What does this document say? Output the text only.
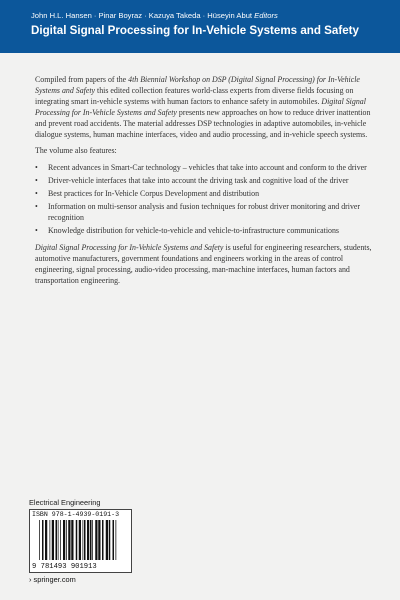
John H.L. Hansen · Pinar Boyraz · Kazuya Takeda · Hüseyin Abut Editors
Digital Signal Processing for In-Vehicle Systems and Safety

Compiled from papers of the 4th Biennial Workshop on DSP (Digital Signal Processing) for In-Vehicle Systems and Safety this edited collection features world-class experts from diverse fields focusing on integrating smart in-vehicle systems with human factors to enhance safety in automobiles. Digital Signal Processing for In-Vehicle Systems and Safety presents new approaches on how to reduce driver inattention and prevent road accidents. The material addresses DSP technologies in adaptive automobiles, in-vehicle dialogue systems, human machine interfaces, video and audio processing, and in-vehicle speech systems.

The volume also features:

• Recent advances in Smart-Car technology – vehicles that take into account and conform to the driver
• Driver-vehicle interfaces that take into account the driving task and cognitive load of the driver
• Best practices for In-Vehicle Corpus Development and distribution
• Information on multi-sensor analysis and fusion techniques for robust driver monitoring and driver recognition
• Knowledge distribution for vehicle-to-vehicle and vehicle-to-infrastructure communications

Digital Signal Processing for In-Vehicle Systems and Safety is useful for engineering researchers, students, automotive manufacturers, government foundations and engineers working in the areas of control engineering, signal processing, audio-video processing, man-machine interfaces, human factors and transportation engineering.

Electrical Engineering
9 781493 901913
ISBN 978-1-4939-0191-3
› springer.com
